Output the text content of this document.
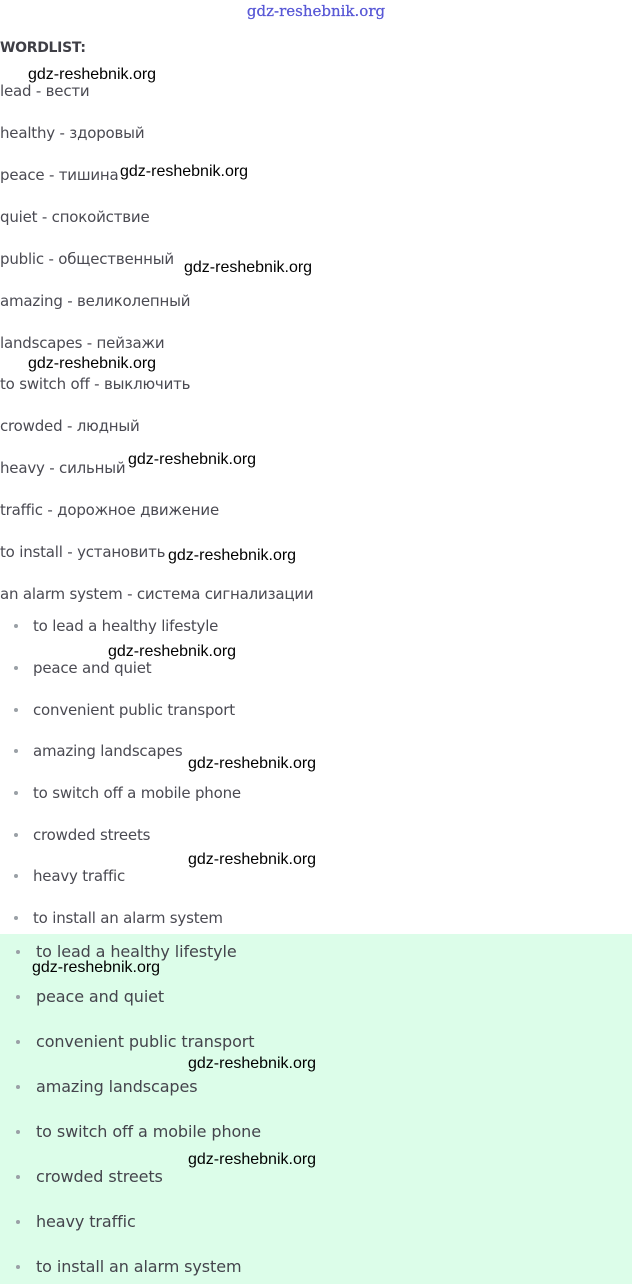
gdz-reshebnik.org
WORDLIST:
lead - вести
healthy - здоровый
peace - тишина
quiet - спокойствие
public - общественный
amazing - великолепный
landscapes - пейзажи
to switch off - выключить
crowded - людный
heavy - сильный
traffic - дорожное движение
to install - установить
an alarm system - система сигнализации
to lead a healthy lifestyle
peace and quiet
convenient public transport
amazing landscapes
to switch off a mobile phone
crowded streets
heavy traffic
to install an alarm system
to lead a healthy lifestyle
peace and quiet
convenient public transport
amazing landscapes
to switch off a mobile phone
crowded streets
heavy traffic
to install an alarm system
gdz-reshebnik.org
gdz-reshebnik.org
gdz-reshebnik.org
gdz-reshebnik.org
gdz-reshebnik.org
gdz-reshebnik.org
gdz-reshebnik.org
gdz-reshebnik.org
gdz-reshebnik.org
gdz-reshebnik.org
gdz-reshebnik.org
gdz-reshebnik.org
